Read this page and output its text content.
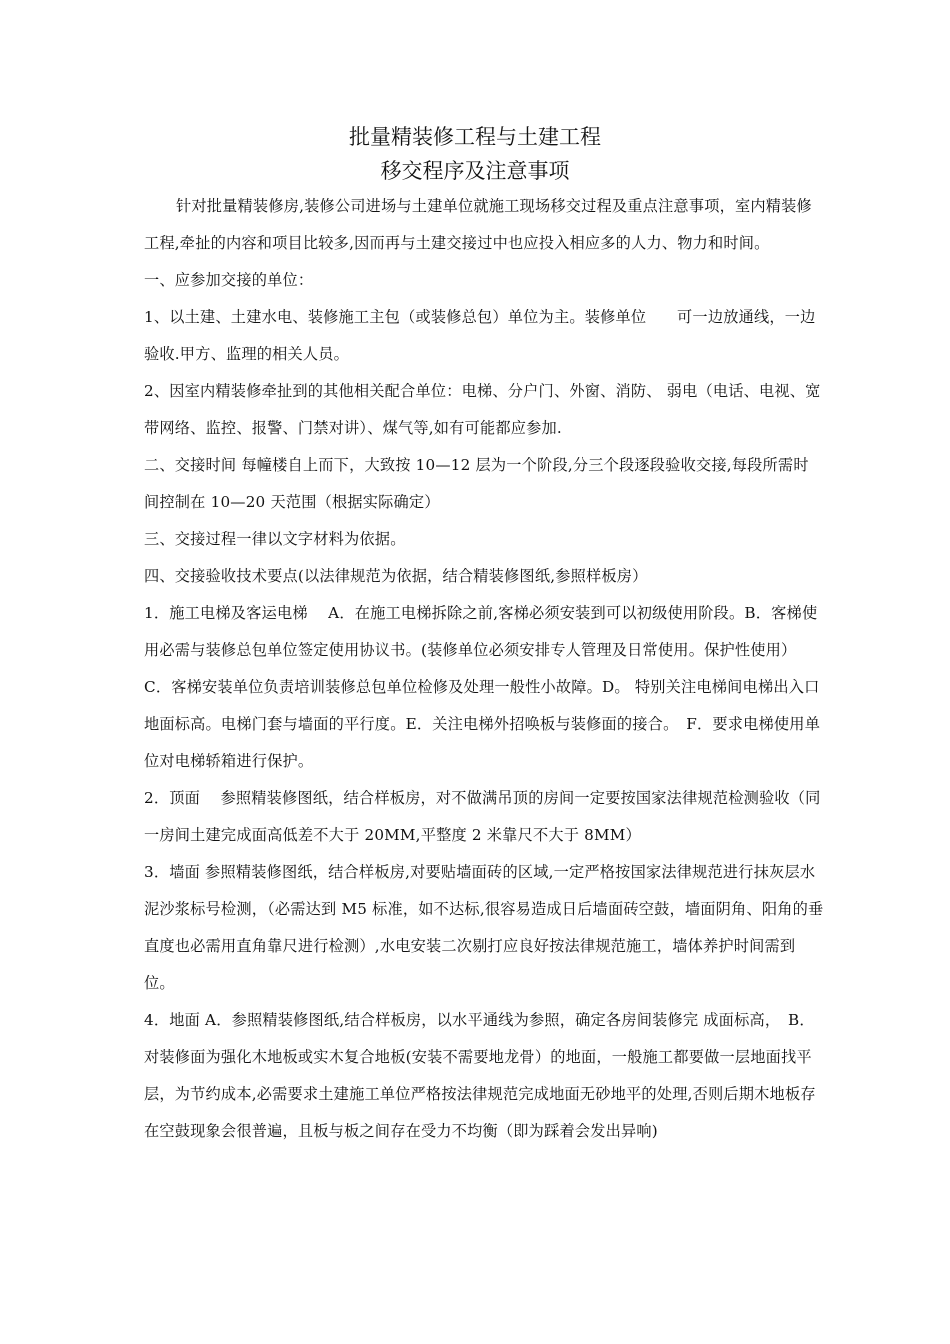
批量精装修工程与土建工程
移交程序及注意事项

针对批量精装修房,装修公司进场与土建单位就施工现场移交过程及重点注意事项，室内精装修工程,牵扯的内容和项目比较多,因而再与土建交接过中也应投入相应多的人力、物力和时间。

一、应参加交接的单位：

1、以土建、土建水电、装修施工主包（或装修总包）单位为主。装修单位　　可一边放通线，一边验收.甲方、监理的相关人员。

2、因室内精装修牵扯到的其他相关配合单位：电梯、分户门、外窗、消防、 弱电（电话、电视、宽带网络、监控、报警、门禁对讲）、煤气等,如有可能都应参加.

二、交接时间 每幢楼自上而下，大致按 10—12 层为一个阶段,分三个段逐段验收交接,每段所需时间控制在 10—20 天范围（根据实际确定）

三、交接过程一律以文字材料为依据。

四、交接验收技术要点(以法律规范为依据，结合精装修图纸,参照样板房）

1．施工电梯及客运电梯　 A．在施工电梯拆除之前,客梯必须安装到可以初级使用阶段。B．客梯使用必需与装修总包单位签定使用协议书。(装修单位必须安排专人管理及日常使用。保护性使用）　 C．客梯安装单位负责培训装修总包单位检修及处理一般性小故障。D。 特别关注电梯间电梯出入口地面标高。电梯门套与墙面的平行度。E．关注电梯外招唤板与装修面的接合。　F．要求电梯使用单位对电梯轿箱进行保护。

2．顶面　 参照精装修图纸，结合样板房，对不做满吊顶的房间一定要按国家法律规范检测验收（同一房间土建完成面高低差不大于 20MM,平整度 2 米靠尺不大于 8MM）

3．墙面 参照精装修图纸，结合样板房,对要贴墙面砖的区域,一定严格按国家法律规范进行抹灰层水泥沙浆标号检测，（必需达到 M5 标准，如不达标,很容易造成日后墙面砖空鼓，墙面阴角、阳角的垂直度也必需用直角靠尺进行检测）,水电安装二次剔打应良好按法律规范施工，墙体养护时间需到位。

4．地面 A．参照精装修图纸,结合样板房，以水平通线为参照，确定各房间装修完 成面标高，　B．对装修面为强化木地板或实木复合地板(安装不需要地龙骨）的地面，一般施工都要做一层地面找平层，为节约成本,必需要求土建施工单位严格按法律规范完成地面无砂地平的处理,否则后期木地板存在空鼓现象会很普遍，且板与板之间存在受力不均衡（即为踩着会发出异响)
